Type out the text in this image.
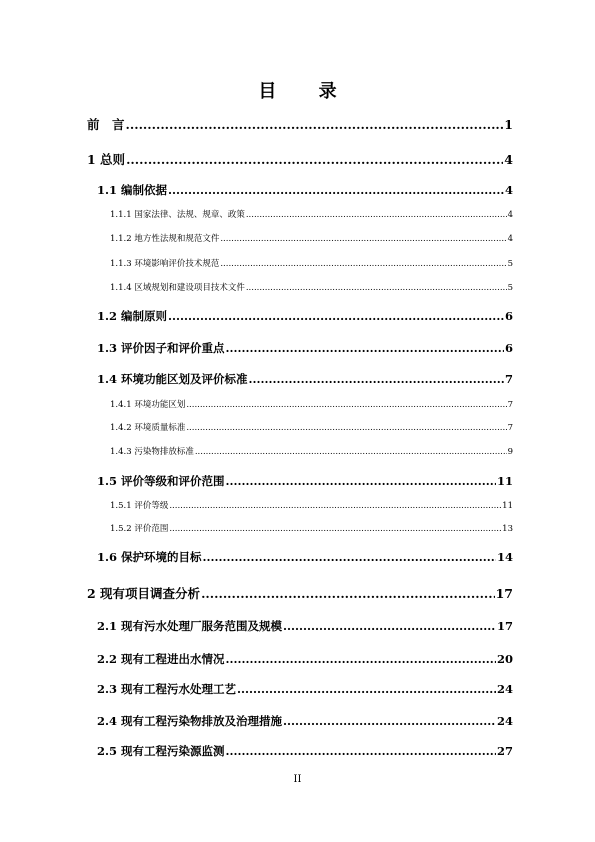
目 录
前　言 .....	1
1 总则 .....	4
1.1 编制依据 .....	4
1.1.1 国家法律、法规、规章、政策 .....	4
1.1.2 地方性法规和规范文件 .....	4
1.1.3 环境影响评价技术规范 .....	5
1.1.4 区域规划和建设项目技术文件 .....	5
1.2 编制原则 .....	6
1.3 评价因子和评价重点 .....	6
1.4 环境功能区划及评价标准 .....	7
1.4.1 环境功能区划 .....	7
1.4.2 环境质量标准 .....	7
1.4.3 污染物排放标准 .....	9
1.5 评价等级和评价范围 .....	11
1.5.1 评价等级 .....	11
1.5.2 评价范围 .....	13
1.6 保护环境的目标 .....	14
2 现有项目调查分析 .....	17
2.1 现有污水处理厂服务范围及规模 .....	17
2.2 现有工程进出水情况 .....	20
2.3 现有工程污水处理工艺 .....	24
2.4 现有工程污染物排放及治理措施 .....	24
2.5 现有工程污染源监测 .....	27
II
